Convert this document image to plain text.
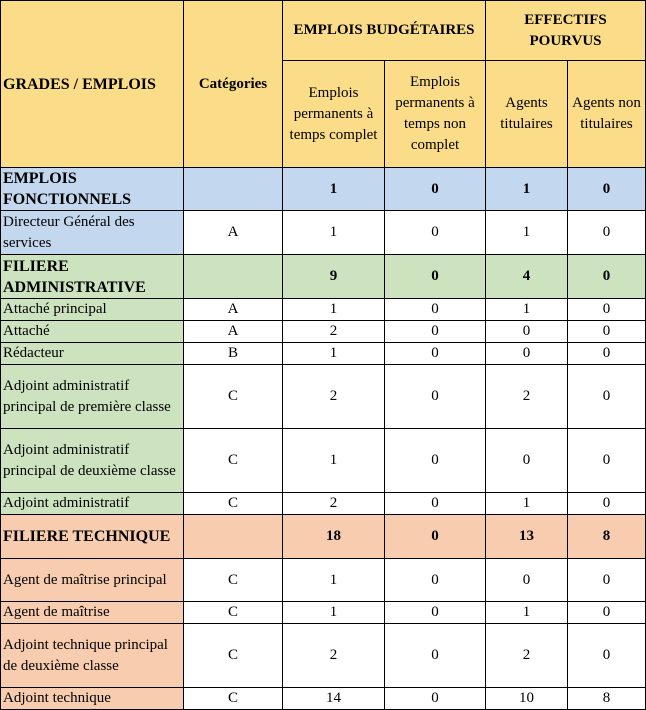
GRADES / EMPLOIS	Catégories	EMPLOIS BUDGÉTAIRES		EFFECTIFS POURVUS	
		Emplois permanents à temps complet	Emplois permanents à temps non complet	Agents titulaires	Agents non titulaires
EMPLOIS FONCTIONNELS		1	0	1	0
Directeur Général des services	A	1	0	1	0
FILIERE ADMINISTRATIVE		9	0	4	0
Attaché principal	A	1	0	1	0
Attaché	A	2	0	0	0
Rédacteur	B	1	0	0	0
Adjoint administratif principal de première classe	C	2	0	2	0
Adjoint administratif principal de deuxième classe	C	1	0	0	0
Adjoint administratif	C	2	0	1	0
FILIERE TECHNIQUE		18	0	13	8
Agent de maîtrise principal	C	1	0	0	0
Agent de maîtrise	C	1	0	1	0
Adjoint technique principal de deuxième classe	C	2	0	2	0
Adjoint technique	C	14	0	10	8
